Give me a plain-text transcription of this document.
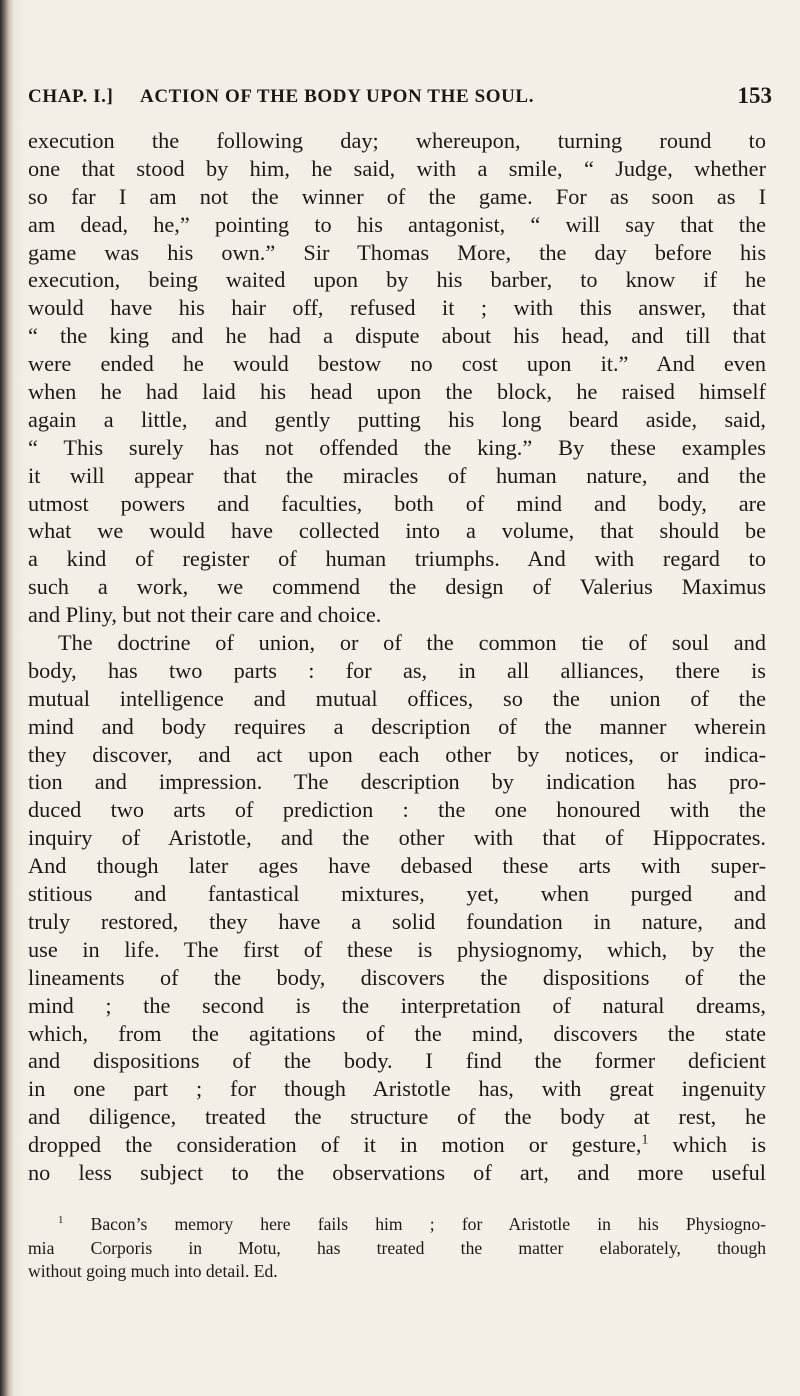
CHAP. I.] ACTION OF THE BODY UPON THE SOUL.	153
execution the following day; whereupon, turning round to
one that stood by him, he said, with a smile, “ Judge, whether
so far I am not the winner of the game. For as soon as I
am dead, he,” pointing to his antagonist, “ will say that the
game was his own.” Sir Thomas More, the day before his
execution, being waited upon by his barber, to know if he
would have his hair off, refused it ; with this answer, that
“ the king and he had a dispute about his head, and till that
were ended he would bestow no cost upon it.” And even
when he had laid his head upon the block, he raised himself
again a little, and gently putting his long beard aside, said,
“ This surely has not offended the king.” By these examples
it will appear that the miracles of human nature, and the
utmost powers and faculties, both of mind and body, are
what we would have collected into a volume, that should be
a kind of register of human triumphs. And with regard to
such a work, we commend the design of Valerius Maximus
and Pliny, but not their care and choice.
The doctrine of union, or of the common tie of soul and
body, has two parts : for as, in all alliances, there is
mutual intelligence and mutual offices, so the union of the
mind and body requires a description of the manner wherein
they discover, and act upon each other by notices, or indica-
tion and impression. The description by indication has pro-
duced two arts of prediction : the one honoured with the
inquiry of Aristotle, and the other with that of Hippocrates.
And though later ages have debased these arts with super-
stitious and fantastical mixtures, yet, when purged and
truly restored, they have a solid foundation in nature, and
use in life. The first of these is physiognomy, which, by the
lineaments of the body, discovers the dispositions of the
mind ; the second is the interpretation of natural dreams,
which, from the agitations of the mind, discovers the state
and dispositions of the body. I find the former deficient
in one part ; for though Aristotle has, with great ingenuity
and diligence, treated the structure of the body at rest, he
dropped the consideration of it in motion or gesture,$^1$ which is
no less subject to the observations of art, and more useful
$^1$ Bacon’s memory here fails him ; for Aristotle in his Physiogno-
mia Corporis in Motu, has treated the matter elaborately, though
without going much into detail. Ed.
